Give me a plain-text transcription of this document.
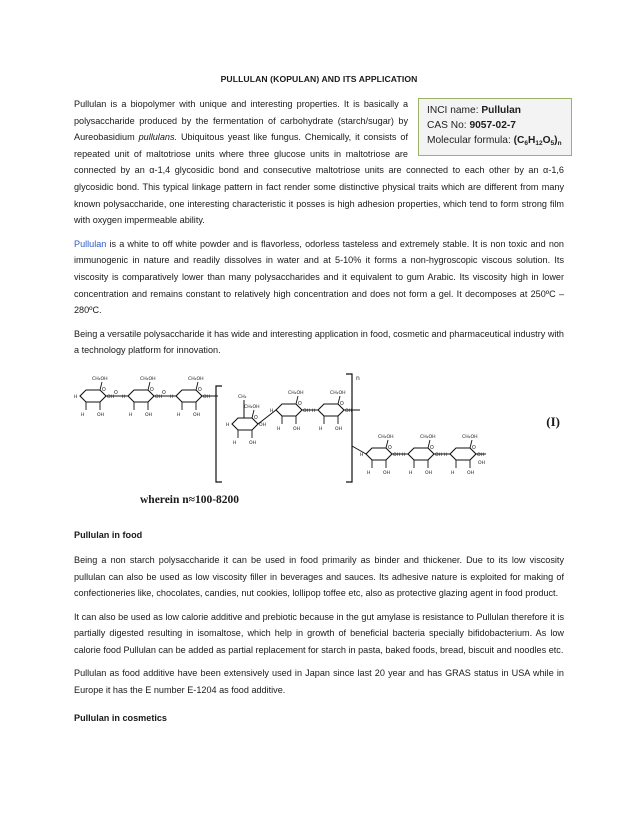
PULLULAN (KOPULAN) AND ITS APPLICATION

INCI name: Pullulan
CAS No: 9057-02-7
Molecular formula: $(C_6H_{12}O_5)_n$
Pullulan is a biopolymer with unique and interesting properties. It is basically a polysaccharide produced by the fermentation of carbohydrate (starch/sugar) by Aureobasidium pullulans. Ubiquitous yeast like fungus. Chemically, it consists of repeated unit of maltotriose units where three glucose units in maltotriose are connected by an α-1,4 glycosidic bond and consecutive maltotriose units are connected to each other by an α-1,6 glycosidic bond. This typical linkage pattern in fact render some distinctive physical traits which are different from many known polysaccharide, one interesting characteristic it posses is high adhesion properties, which tend to form strong film with oxygen impermeable ability.

Pullulan is a white to off white powder and is flavorless, odorless tasteless and extremely stable. It is non toxic and non immunogenic in nature and readily dissolves in water and at 5-10% it forms a non-hygroscopic viscous solution. Its viscosity is comparatively lower than many polysaccharides and it equivalent to gum Arabic. Its viscosity high in lower concentration and remains constant to relatively high concentration and does not form a gel. It decomposes at 250ºC – 280ºC.

Being a versatile polysaccharide it has wide and interesting application in food, cosmetic and pharmaceutical industry with a technology platform for innovation.

CH₂OH
O
H	OH
H	OH
CH₂OH
O
H	OH
H	OH
CH₂OH
O
H	OH
H	OH
O	O
n
CH₂OH
O
H	OH
H	OH
CH₂OH
O
H	OH
H	OH
CH₂OH
O
H	OH
H	OH
CH₂
CH₂OH
O
H	OH
H	OH
CH₂OH
O
H	OH
H	OH
CH₂OH
O
H	OH
H	OH
OH
(I)
wherein n≈100-8200
Pullulan in food

Being a non starch polysaccharide it can be used in food primarily as binder and thickener. Due to its low viscosity pullulan can also be used as low viscosity filler in beverages and sauces. Its adhesive nature is exploited for making of confectioneries like, chocolates, candies, nut cookies, lollipop toffee etc, also as protective glazing agent in food product.

It can also be used as low calorie additive and prebiotic because in the gut amylase is resistance to Pullulan therefore it is partially digested resulting in isomaltose, which help in growth of beneficial bacteria specially bifidobacterium. As low calorie food Pullulan can be added as partial replacement for starch in pasta, baked foods, bread, biscuit and noodles etc.

Pullulan as food additive have been extensively used in Japan since last 20 year and has GRAS status in USA while in Europe it has the E number E-1204 as food additive.

Pullulan in cosmetics
